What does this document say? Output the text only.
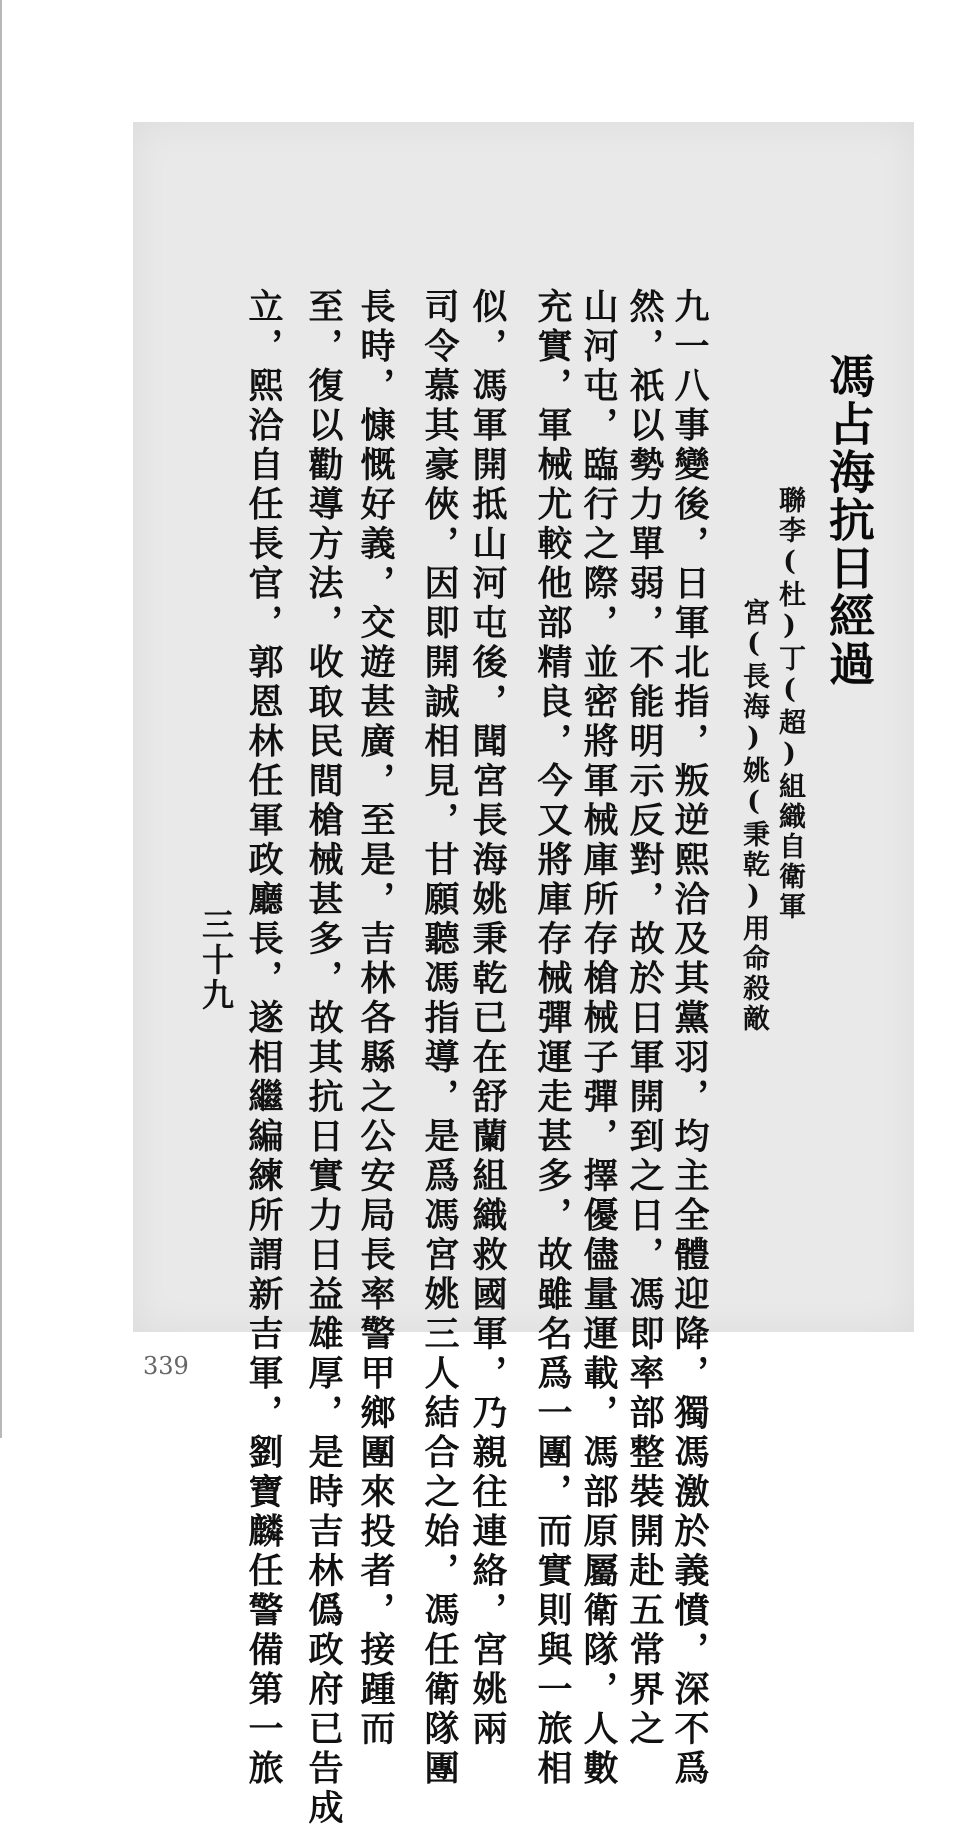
馮占海抗日經過
聯李(杜)丁(超)組織自衛軍
宮(長海)姚(秉乾)用命殺敵
九一八事變後，日軍北指，叛逆熙洽及其黨羽，均主全體迎降，獨馮激於義憤，深不爲
然，祇以勢力單弱，不能明示反對，故於日軍開到之日，馮即率部整裝開赴五常界之
山河屯，臨行之際，並密將軍械庫所存槍械子彈，擇優儘量運載，馮部原屬衛隊，人數
充實，軍械尤較他部精良，今又將庫存械彈運走甚多，故雖名爲一團，而實則與一旅相
似，馮軍開抵山河屯後，聞宮長海姚秉乾已在舒蘭組織救國軍，乃親往連絡，宮姚兩
司令慕其豪俠，因即開誠相見，甘願聽馮指導，是爲馮宮姚三人結合之始，馮任衛隊團
長時，慷慨好義，交遊甚廣，至是，吉林各縣之公安局長率警甲鄉團來投者，接踵而
至，復以勸導方法，收取民間槍械甚多，故其抗日實力日益雄厚，是時吉林僞政府已告成
立，熙洽自任長官，郭恩林任軍政廳長，遂相繼編練所謂新吉軍，劉寶麟任警備第一旅
三十九
339
